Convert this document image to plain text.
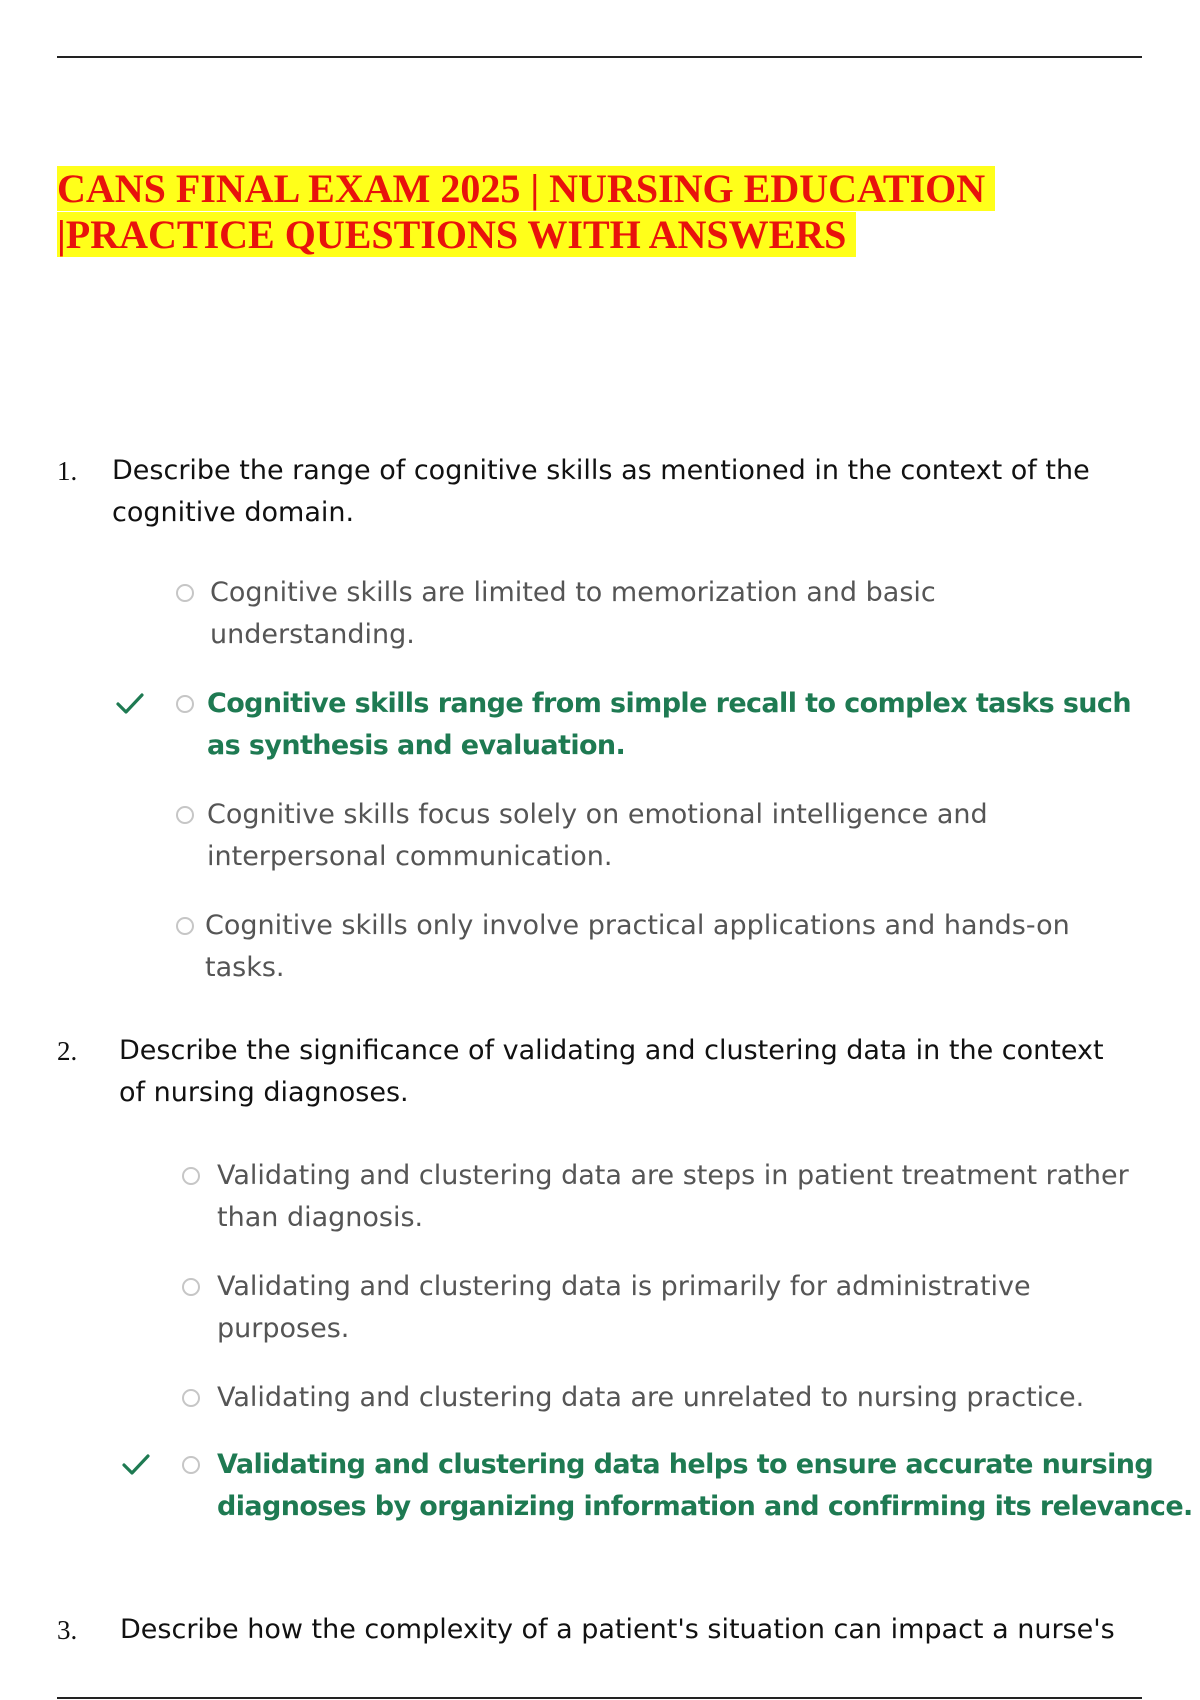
CANS FINAL EXAM 2025 | NURSING EDUCATION
|PRACTICE QUESTIONS WITH ANSWERS
1. Describe the range of cognitive skills as mentioned in the context of the cognitive domain.
Cognitive skills are limited to memorization and basic understanding.
Cognitive skills range from simple recall to complex tasks such as synthesis and evaluation.
Cognitive skills focus solely on emotional intelligence and interpersonal communication.
Cognitive skills only involve practical applications and hands-on tasks.
2. Describe the significance of validating and clustering data in the context of nursing diagnoses.
Validating and clustering data are steps in patient treatment rather than diagnosis.
Validating and clustering data is primarily for administrative purposes.
Validating and clustering data are unrelated to nursing practice.
Validating and clustering data helps to ensure accurate nursing diagnoses by organizing information and confirming its relevance.
3. Describe how the complexity of a patient's situation can impact a nurse's
